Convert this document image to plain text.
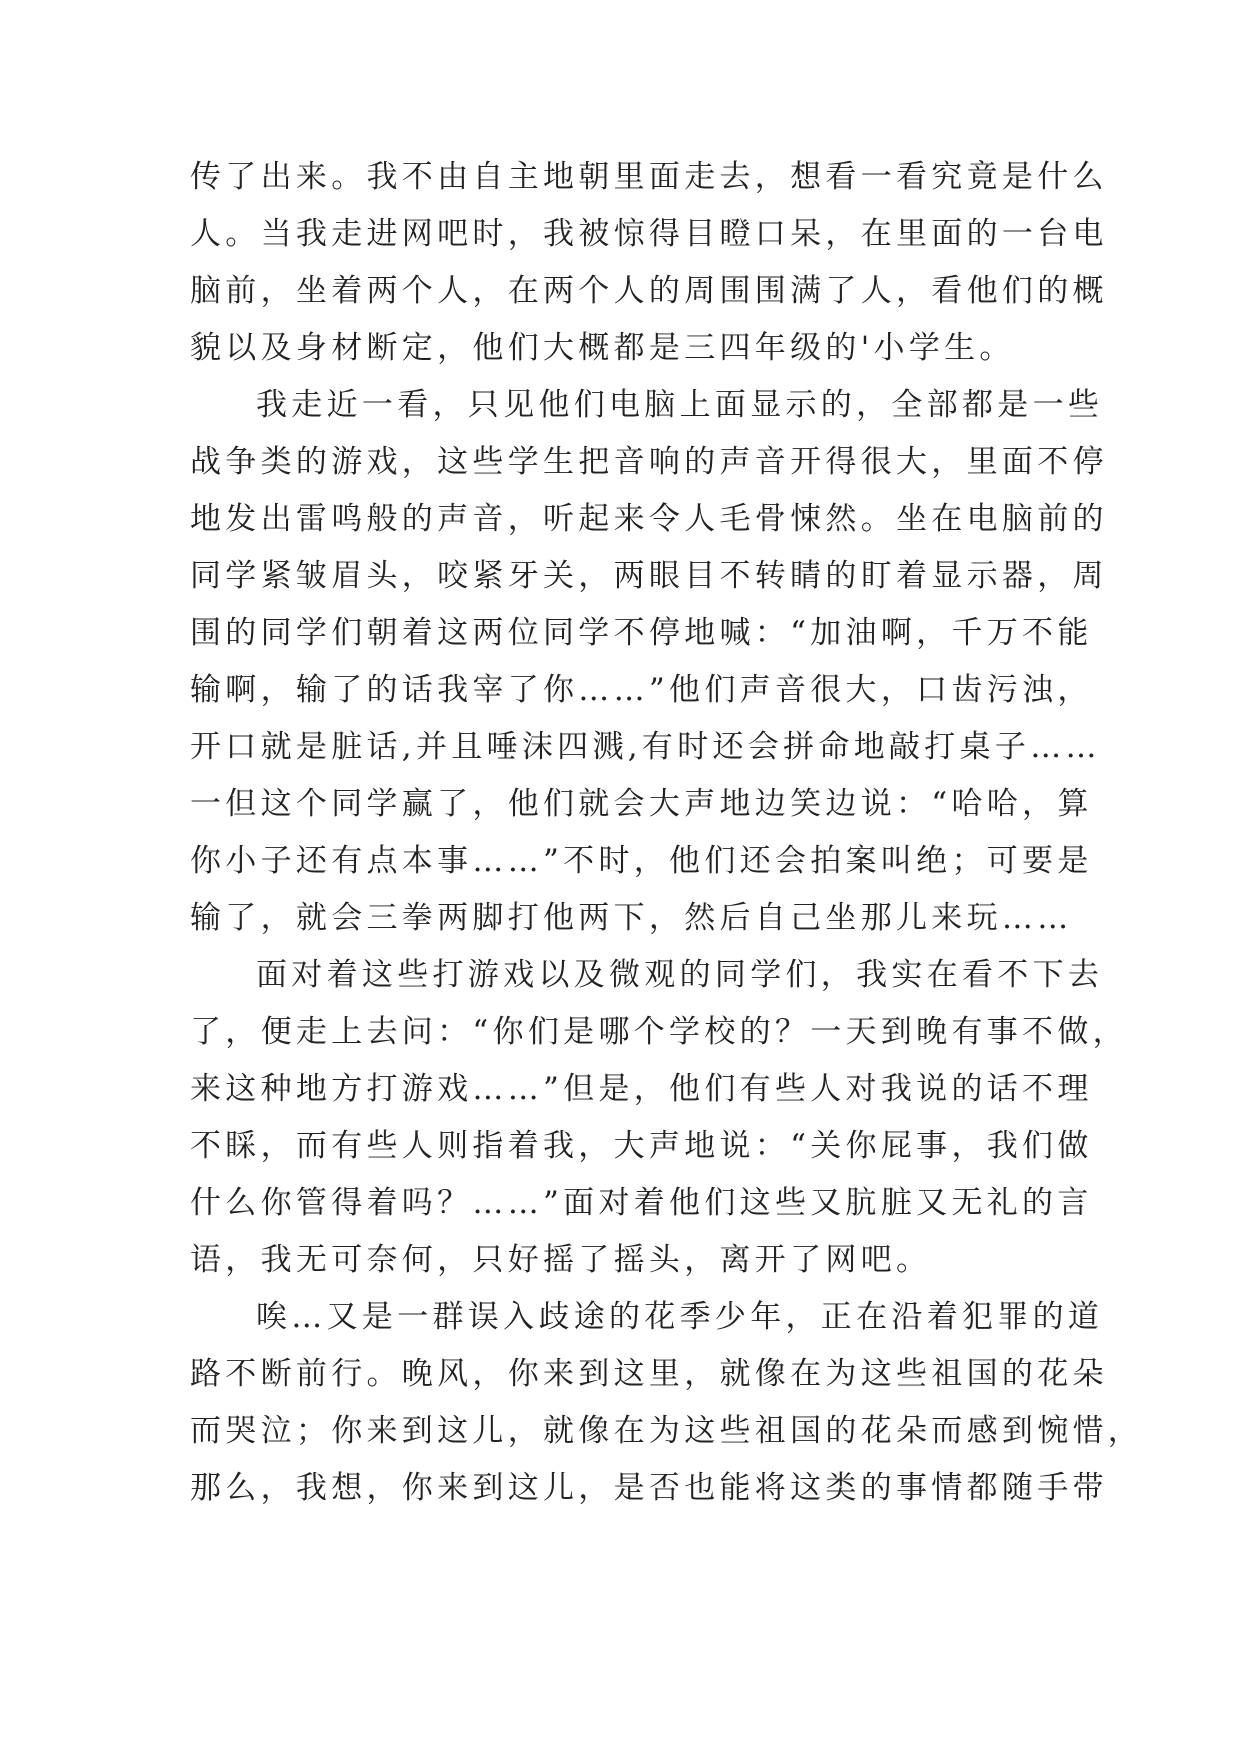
传了出来。我不由自主地朝里面走去，想看一看究竟是什么
人。当我走进网吧时，我被惊得目瞪口呆，在里面的一台电
脑前，坐着两个人，在两个人的周围围满了人，看他们的概
貌以及身材断定，他们大概都是三四年级的'小学生。
我走近一看，只见他们电脑上面显示的，全部都是一些
战争类的游戏，这些学生把音响的声音开得很大，里面不停
地发出雷鸣般的声音，听起来令人毛骨悚然。坐在电脑前的
同学紧皱眉头，咬紧牙关，两眼目不转睛的盯着显示器，周
围的同学们朝着这两位同学不停地喊：“加油啊，千万不能
输啊，输了的话我宰了你……”他们声音很大，口齿污浊，
开口就是脏话,并且唾沫四溅,有时还会拼命地敲打桌子……
一但这个同学赢了，他们就会大声地边笑边说：“哈哈，算
你小子还有点本事……”不时，他们还会拍案叫绝；可要是
输了，就会三拳两脚打他两下，然后自己坐那儿来玩……
面对着这些打游戏以及微观的同学们，我实在看不下去
了，便走上去问：“你们是哪个学校的？一天到晚有事不做，
来这种地方打游戏……”但是，他们有些人对我说的话不理
不睬，而有些人则指着我，大声地说：“关你屁事，我们做
什么你管得着吗？……”面对着他们这些又肮脏又无礼的言
语，我无可奈何，只好摇了摇头，离开了网吧。
唉…又是一群误入歧途的花季少年，正在沿着犯罪的道
路不断前行。晚风，你来到这里，就像在为这些祖国的花朵
而哭泣；你来到这儿，就像在为这些祖国的花朵而感到惋惜，
那么，我想，你来到这儿，是否也能将这类的事情都随手带
